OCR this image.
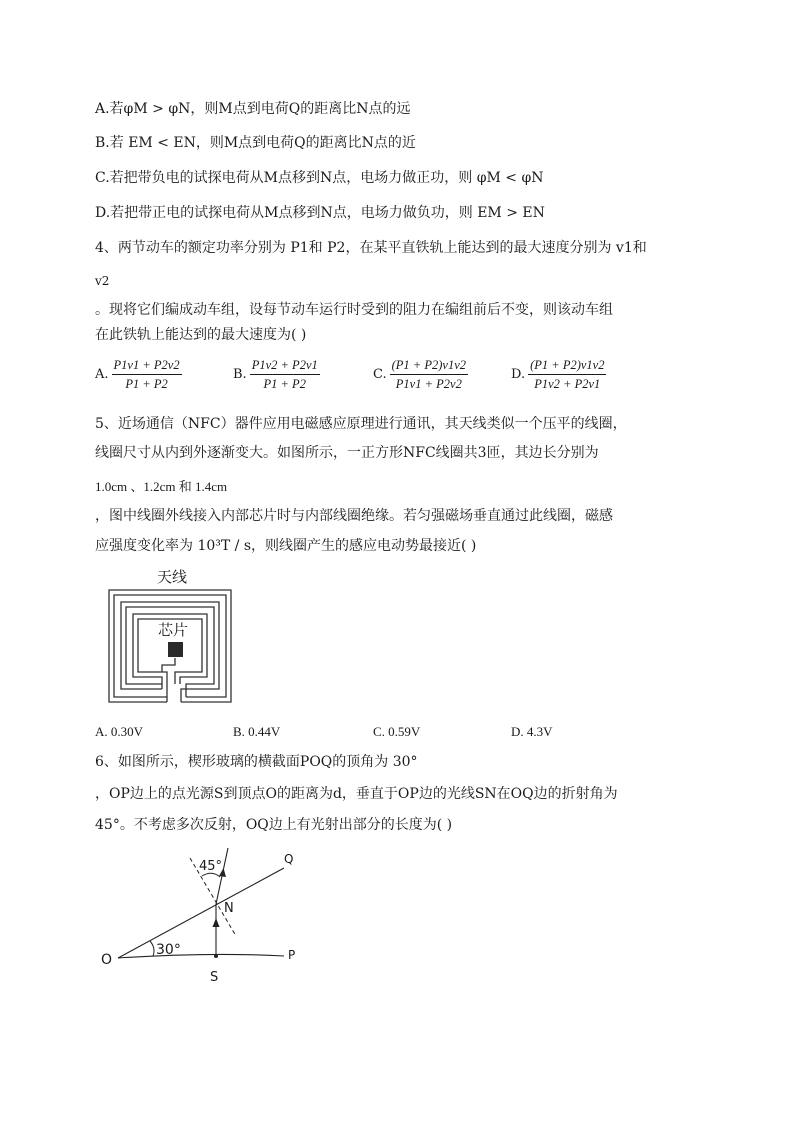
A.若φM > φN，则M点到电荷Q的距离比N点的远
B.若 EM < EN，则M点到电荷Q的距离比N点的近
C.若把带负电的试探电荷从M点移到N点，电场力做正功，则 φM < φN
D.若把带正电的试探电荷从M点移到N点，电场力做负功，则 EM > EN
4、两节动车的额定功率分别为 P1和 P2，在某平直铁轨上能达到的最大速度分别为 v1和
v2
。现将它们编成动车组，设每节动车运行时受到的阻力在编组前后不变，则该动车组
在此铁轨上能达到的最大速度为( )
A. $\frac{P1v1 + P2v2}{P1 + P2}$	B. $\frac{P1v2 + P2v1}{P1 + P2}$	C. $\frac{(P1 + P2)v1v2}{P1v1 + P2v2}$	D. $\frac{(P1 + P2)v1v2}{P1v2 + P2v1}$
5、近场通信（NFC）器件应用电磁感应原理进行通讯，其天线类似一个压平的线圈，
线圈尺寸从内到外逐渐变大。如图所示，一正方形NFC线圈共3匝，其边长分别为
1.0cm 、1.2cm 和 1.4cm
，图中线圈外线接入内部芯片时与内部线圈绝缘。若匀强磁场垂直通过此线圈，磁感
应强度变化率为 10³T / s，则线圈产生的感应电动势最接近( )
天线
芯片
A. 0.30V	B. 0.44V	C. 0.59V	D. 4.3V
6、如图所示，楔形玻璃的横截面POQ的顶角为 30°
，OP边上的点光源S到顶点O的距离为d，垂直于OP边的光线SN在OQ边的折射角为
45°。不考虑多次反射，OQ边上有光射出部分的长度为( )
45°
30°
O
S
N
P
Q
